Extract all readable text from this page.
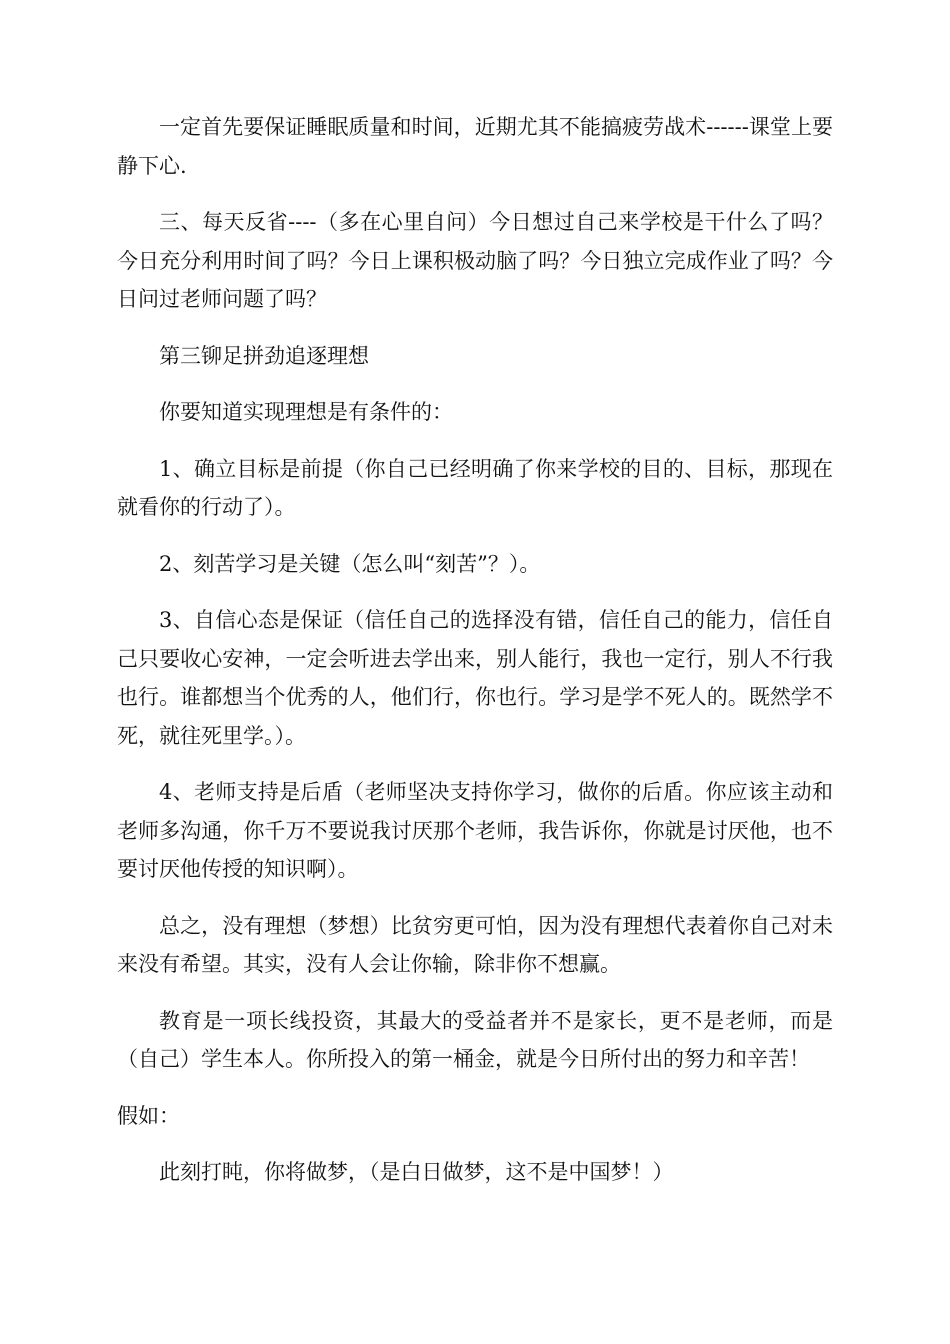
一定首先要保证睡眠质量和时间，近期尤其不能搞疲劳战术------课堂上要静下心.

三、每天反省----（多在心里自问）今日想过自己来学校是干什么了吗？今日充分利用时间了吗？今日上课积极动脑了吗？今日独立完成作业了吗？今日问过老师问题了吗？

第三铆足拼劲追逐理想

你要知道实现理想是有条件的：

1、确立目标是前提（你自己已经明确了你来学校的目的、目标，那现在就看你的行动了）。

2、刻苦学习是关键（怎么叫“刻苦”？）。

3、自信心态是保证（信任自己的选择没有错，信任自己的能力，信任自己只要收心安神，一定会听进去学出来，别人能行，我也一定行，别人不行我也行。谁都想当个优秀的人，他们行，你也行。学习是学不死人的。既然学不死，就往死里学。）。

4、老师支持是后盾（老师坚决支持你学习，做你的后盾。你应该主动和老师多沟通，你千万不要说我讨厌那个老师，我告诉你，你就是讨厌他，也不要讨厌他传授的知识啊）。

总之，没有理想（梦想）比贫穷更可怕，因为没有理想代表着你自己对未来没有希望。其实，没有人会让你输，除非你不想赢。

教育是一项长线投资，其最大的受益者并不是家长，更不是老师，而是（自己）学生本人。你所投入的第一桶金，就是今日所付出的努力和辛苦！

假如：

此刻打盹，你将做梦，（是白日做梦，这不是中国梦！）
